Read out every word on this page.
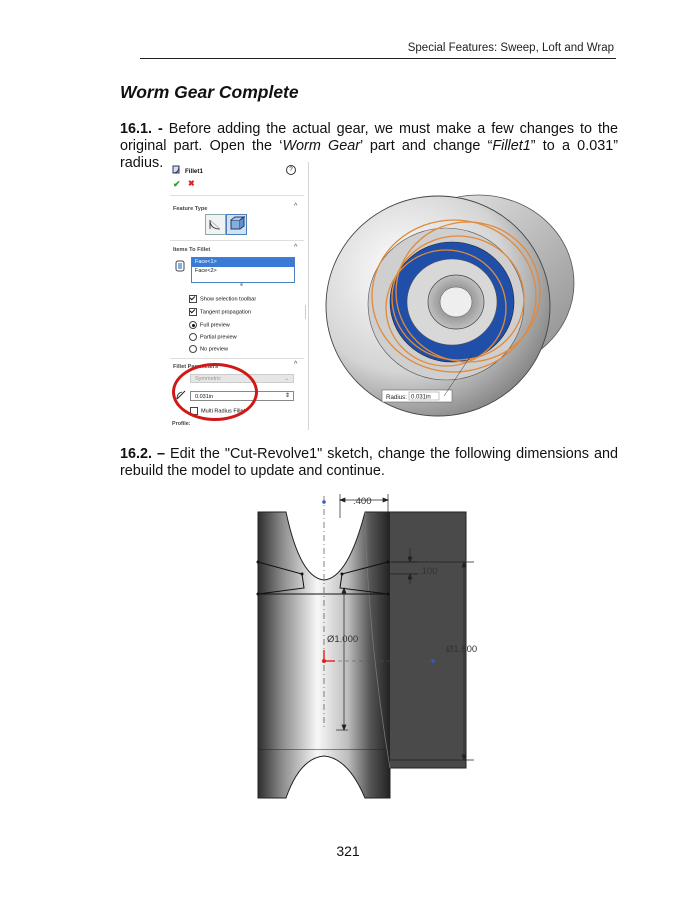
Special Features: Sweep, Loft and Wrap
Worm Gear Complete
16.1. - Before adding the actual gear, we must make a few changes to the original part. Open the ‘Worm Gear’ part and change “Fillet1” to a 0.031” radius.
Fillet1	?
✔ ✖
Feature Type	^
Items To Fillet	^
Face<1>
Face<2>
Show selection toolbar
Tangent propagation
Full preview
Partial preview
No preview
Fillet Parameters	^
Symmetric	⌄
0.031in	⇕
Multi Radius Fillet
Profile:
Radius: 0.031in
16.2. – Edit the "Cut-Revolve1" sketch, change the following dimensions and rebuild the model to update and continue.
.400
.100
Ø1.000
Ø1.500
321
